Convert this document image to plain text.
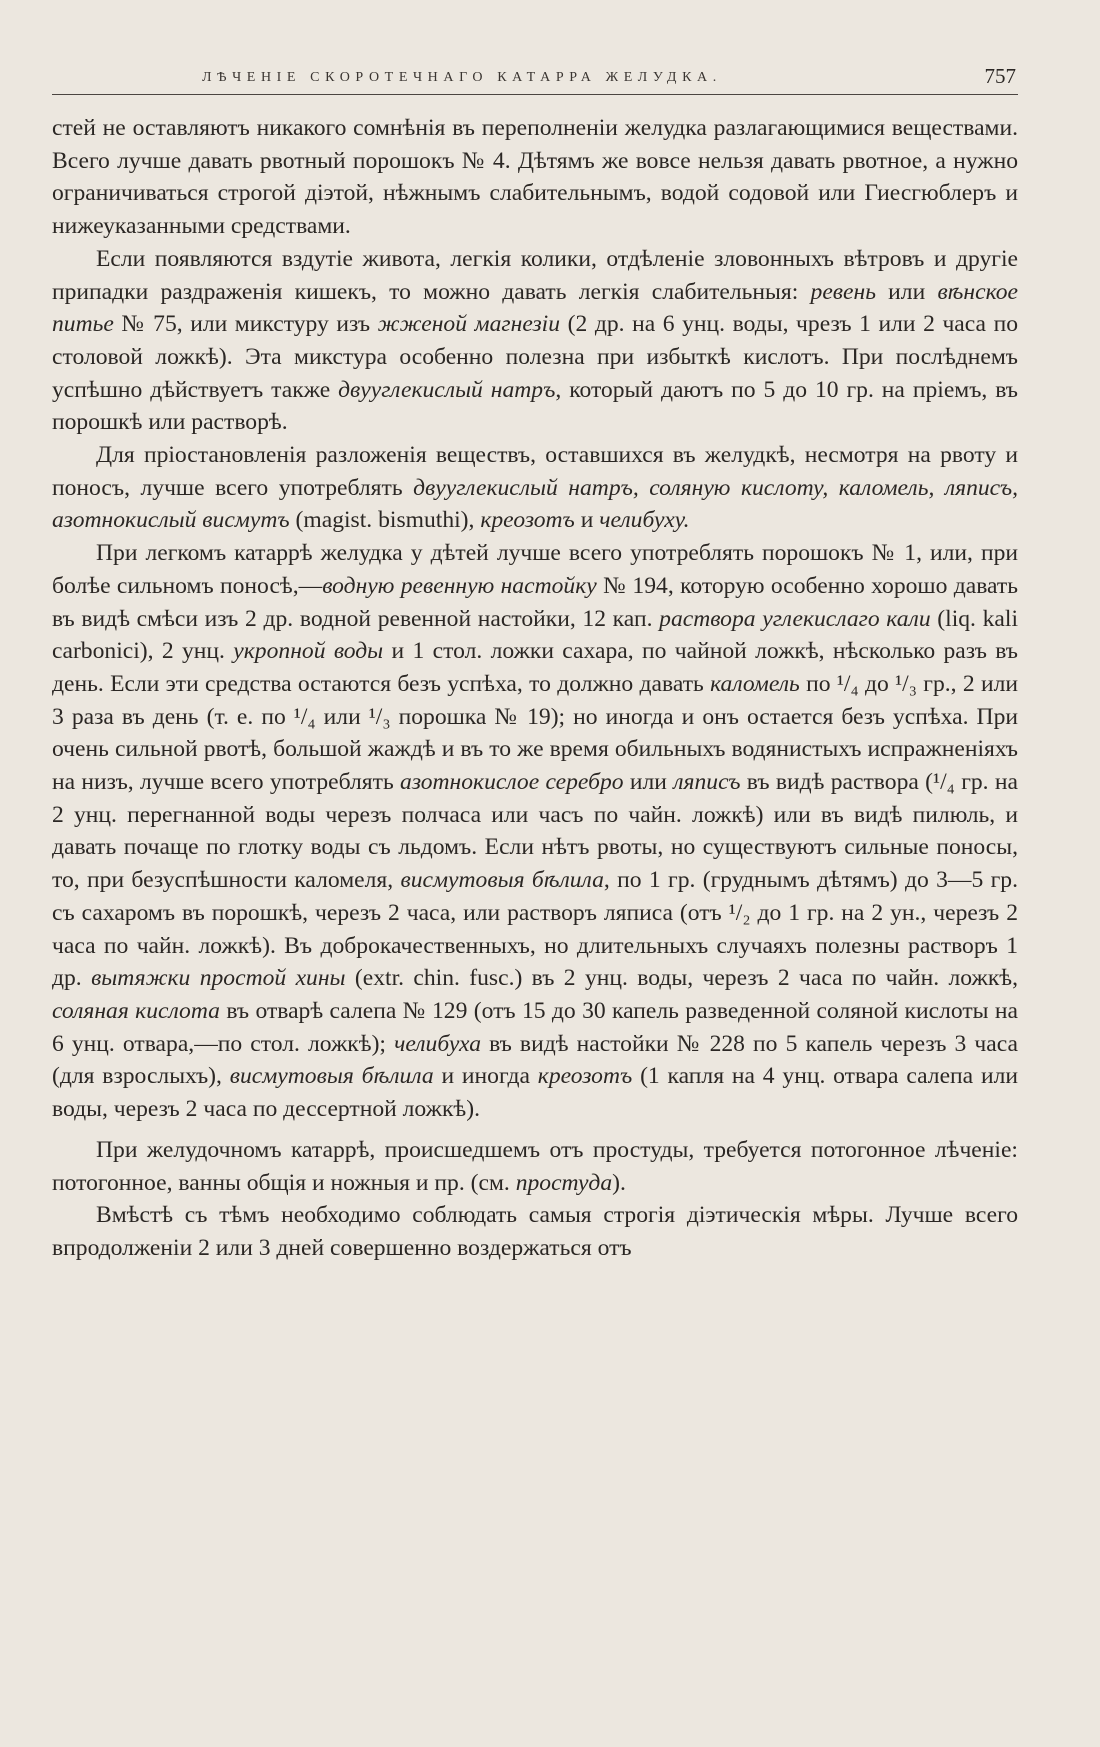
ЛѢЧЕНІЕ СКОРОТЕЧНАГО КАТАРРА ЖЕЛУДКА.	757

стей не оставляютъ никакого сомнѣнія въ переполненіи желудка разлагающимися веществами. Всего лучше давать рвотный порошокъ № 4. Дѣтямъ же вовсе нельзя давать рвотное, а нужно ограничиваться строгой діэтой, нѣжнымъ слабительнымъ, водой содовой или Гиесгюблеръ и нижеуказанными средствами.

Если появляются вздутіе живота, легкія колики, отдѣленіе зловонныхъ вѣтровъ и другіе припадки раздраженія кишекъ, то можно давать легкія слабительныя: ревень или вѣнское питье № 75, или микстуру изъ жженой магнезіи (2 др. на 6 унц. воды, чрезъ 1 или 2 часа по столовой ложкѣ). Эта микстура особенно полезна при избыткѣ кислотъ. При послѣднемъ успѣшно дѣйствуетъ также двууглекислый натръ, который даютъ по 5 до 10 гр. на пріемъ, въ порошкѣ или растворѣ.

Для пріостановленія разложенія веществъ, оставшихся въ желудкѣ, несмотря на рвоту и поносъ, лучше всего употреблять двууглекислый натръ, соляную кислоту, каломель, ляписъ, азотнокислый висмутъ (magist. bismuthi), креозотъ и челибуху.

При легкомъ катаррѣ желудка у дѣтей лучше всего употреблять порошокъ № 1, или, при болѣе сильномъ поносѣ,—водную ревенную настойку № 194, которую особенно хорошо давать въ видѣ смѣси изъ 2 др. водной ревенной настойки, 12 кап. раствора углекислаго кали (liq. kali carbonici), 2 унц. укропной воды и 1 стол. ложки сахара, по чайной ложкѣ, нѣсколько разъ въ день. Если эти средства остаются безъ успѣха, то должно давать каломель по ¹/₄ до ¹/₃ гр., 2 или 3 раза въ день (т. е. по ¹/₄ или ¹/₃ порошка № 19); но иногда и онъ остается безъ успѣха. При очень сильной рвотѣ, большой жаждѣ и въ то же время обильныхъ водянистыхъ испражненіяхъ на низъ, лучше всего употреблять азотнокислое серебро или ляписъ въ видѣ раствора (¹/₄ гр. на 2 унц. перегнанной воды черезъ полчаса или часъ по чайн. ложкѣ) или въ видѣ пилюль, и давать почаще по глотку воды съ льдомъ. Если нѣтъ рвоты, но существуютъ сильные поносы, то, при безуспѣшности каломеля, висмутовыя бѣлила, по 1 гр. (груднымъ дѣтямъ) до 3—5 гр. съ сахаромъ въ порошкѣ, черезъ 2 часа, или растворъ ляписа (отъ ¹/₂ до 1 гр. на 2 ун., черезъ 2 часа по чайн. ложкѣ). Въ доброкачественныхъ, но длительныхъ случаяхъ полезны растворъ 1 др. вытяжки простой хины (extr. chin. fusc.) въ 2 унц. воды, черезъ 2 часа по чайн. ложкѣ, соляная кислота въ отварѣ салепа № 129 (отъ 15 до 30 капель разведенной соляной кислоты на 6 унц. отвара,—по стол. ложкѣ); челибуха въ видѣ настойки № 228 по 5 капель черезъ 3 часа (для взрослыхъ), висмутовыя бѣлила и иногда креозотъ (1 капля на 4 унц. отвара салепа или воды, черезъ 2 часа по дессертной ложкѣ).

При желудочномъ катаррѣ, происшедшемъ отъ простуды, требуется потогонное лѣченіе: потогонное, ванны общія и ножныя и пр. (см. простуда).

Вмѣстѣ съ тѣмъ необходимо соблюдать самыя строгія діэтическія мѣры. Лучше всего впродолженіи 2 или 3 дней совершенно воздержаться отъ
